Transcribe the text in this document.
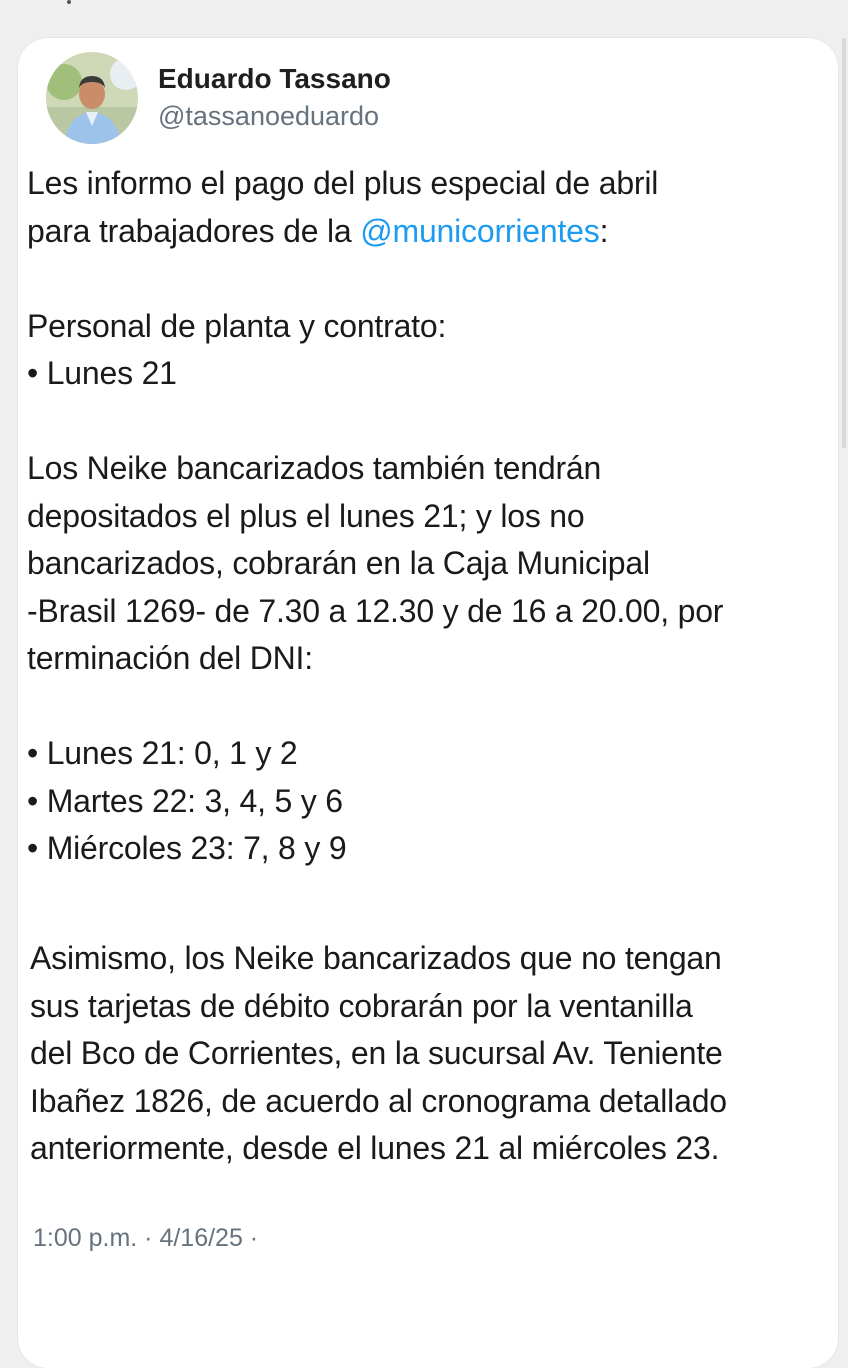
Eduardo Tassano
@tassanoeduardo
Les informo el pago del plus especial de abril
para trabajadores de la @municorrientes:
Personal de planta y contrato:
• Lunes 21
Los Neike bancarizados también tendrán
depositados el plus el lunes 21; y los no
bancarizados, cobrarán en la Caja Municipal
-Brasil 1269- de 7.30 a 12.30 y de 16 a 20.00, por
terminación del DNI:
• Lunes 21: 0, 1 y 2
• Martes 22: 3, 4, 5 y 6
• Miércoles 23: 7, 8 y 9
Asimismo, los Neike bancarizados que no tengan
sus tarjetas de débito cobrarán por la ventanilla
del Bco de Corrientes, en la sucursal Av. Teniente
Ibañez 1826, de acuerdo al cronograma detallado
anteriormente, desde el lunes 21 al miércoles 23.
1:00 p.m. · 4/16/25 ·
